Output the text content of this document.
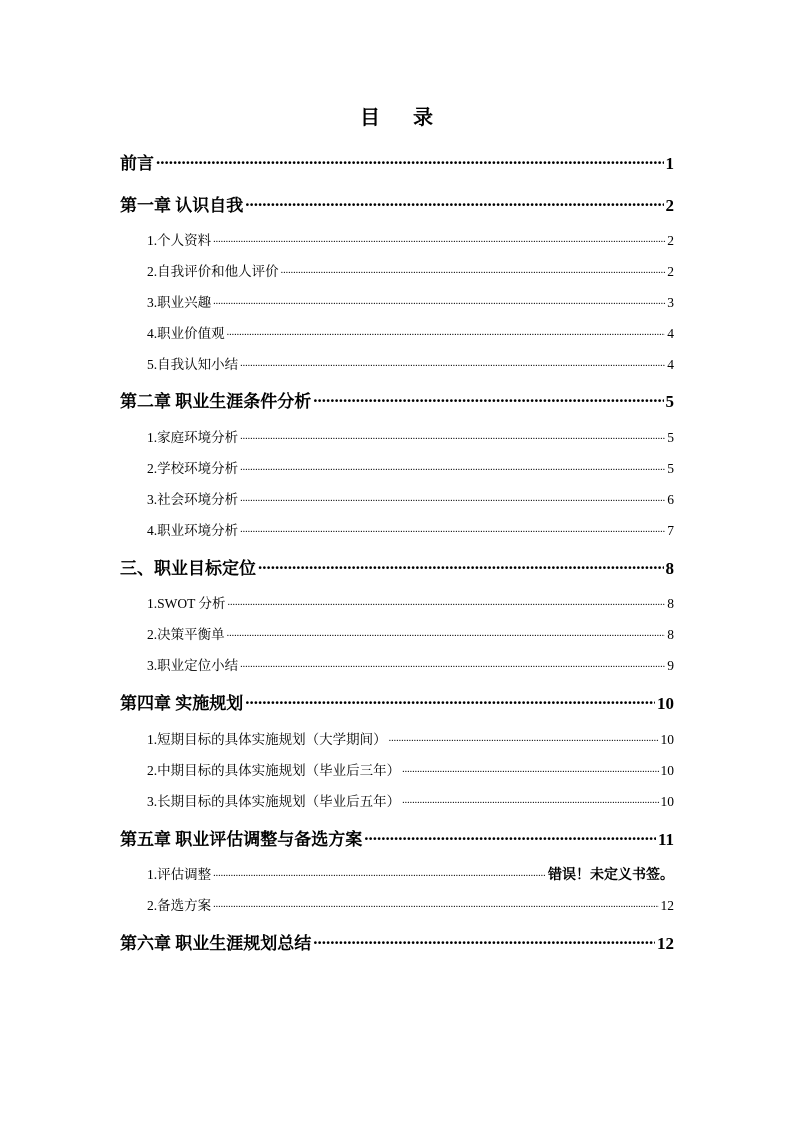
目 录
前言 .....	1
第一章 认识自我 .....	2
1.个人资料 .....	2
2.自我评价和他人评价 .....	2
3.职业兴趣 .....	3
4.职业价值观 .....	4
5.自我认知小结 .....	4
第二章 职业生涯条件分析 .....	5
1.家庭环境分析 .....	5
2.学校环境分析 .....	5
3.社会环境分析 .....	6
4.职业环境分析 .....	7
三、职业目标定位 .....	8
1.SWOT 分析 .....	8
2.决策平衡单 .....	8
3.职业定位小结 .....	9
第四章 实施规划 .....	10
1.短期目标的具体实施规划（大学期间） .....	10
2.中期目标的具体实施规划（毕业后三年） .....	10
3.长期目标的具体实施规划（毕业后五年） .....	10
第五章 职业评估调整与备选方案 .....	11
1.评估调整 .....	错误！未定义书签。
2.备选方案 .....	12
第六章 职业生涯规划总结 .....	12
